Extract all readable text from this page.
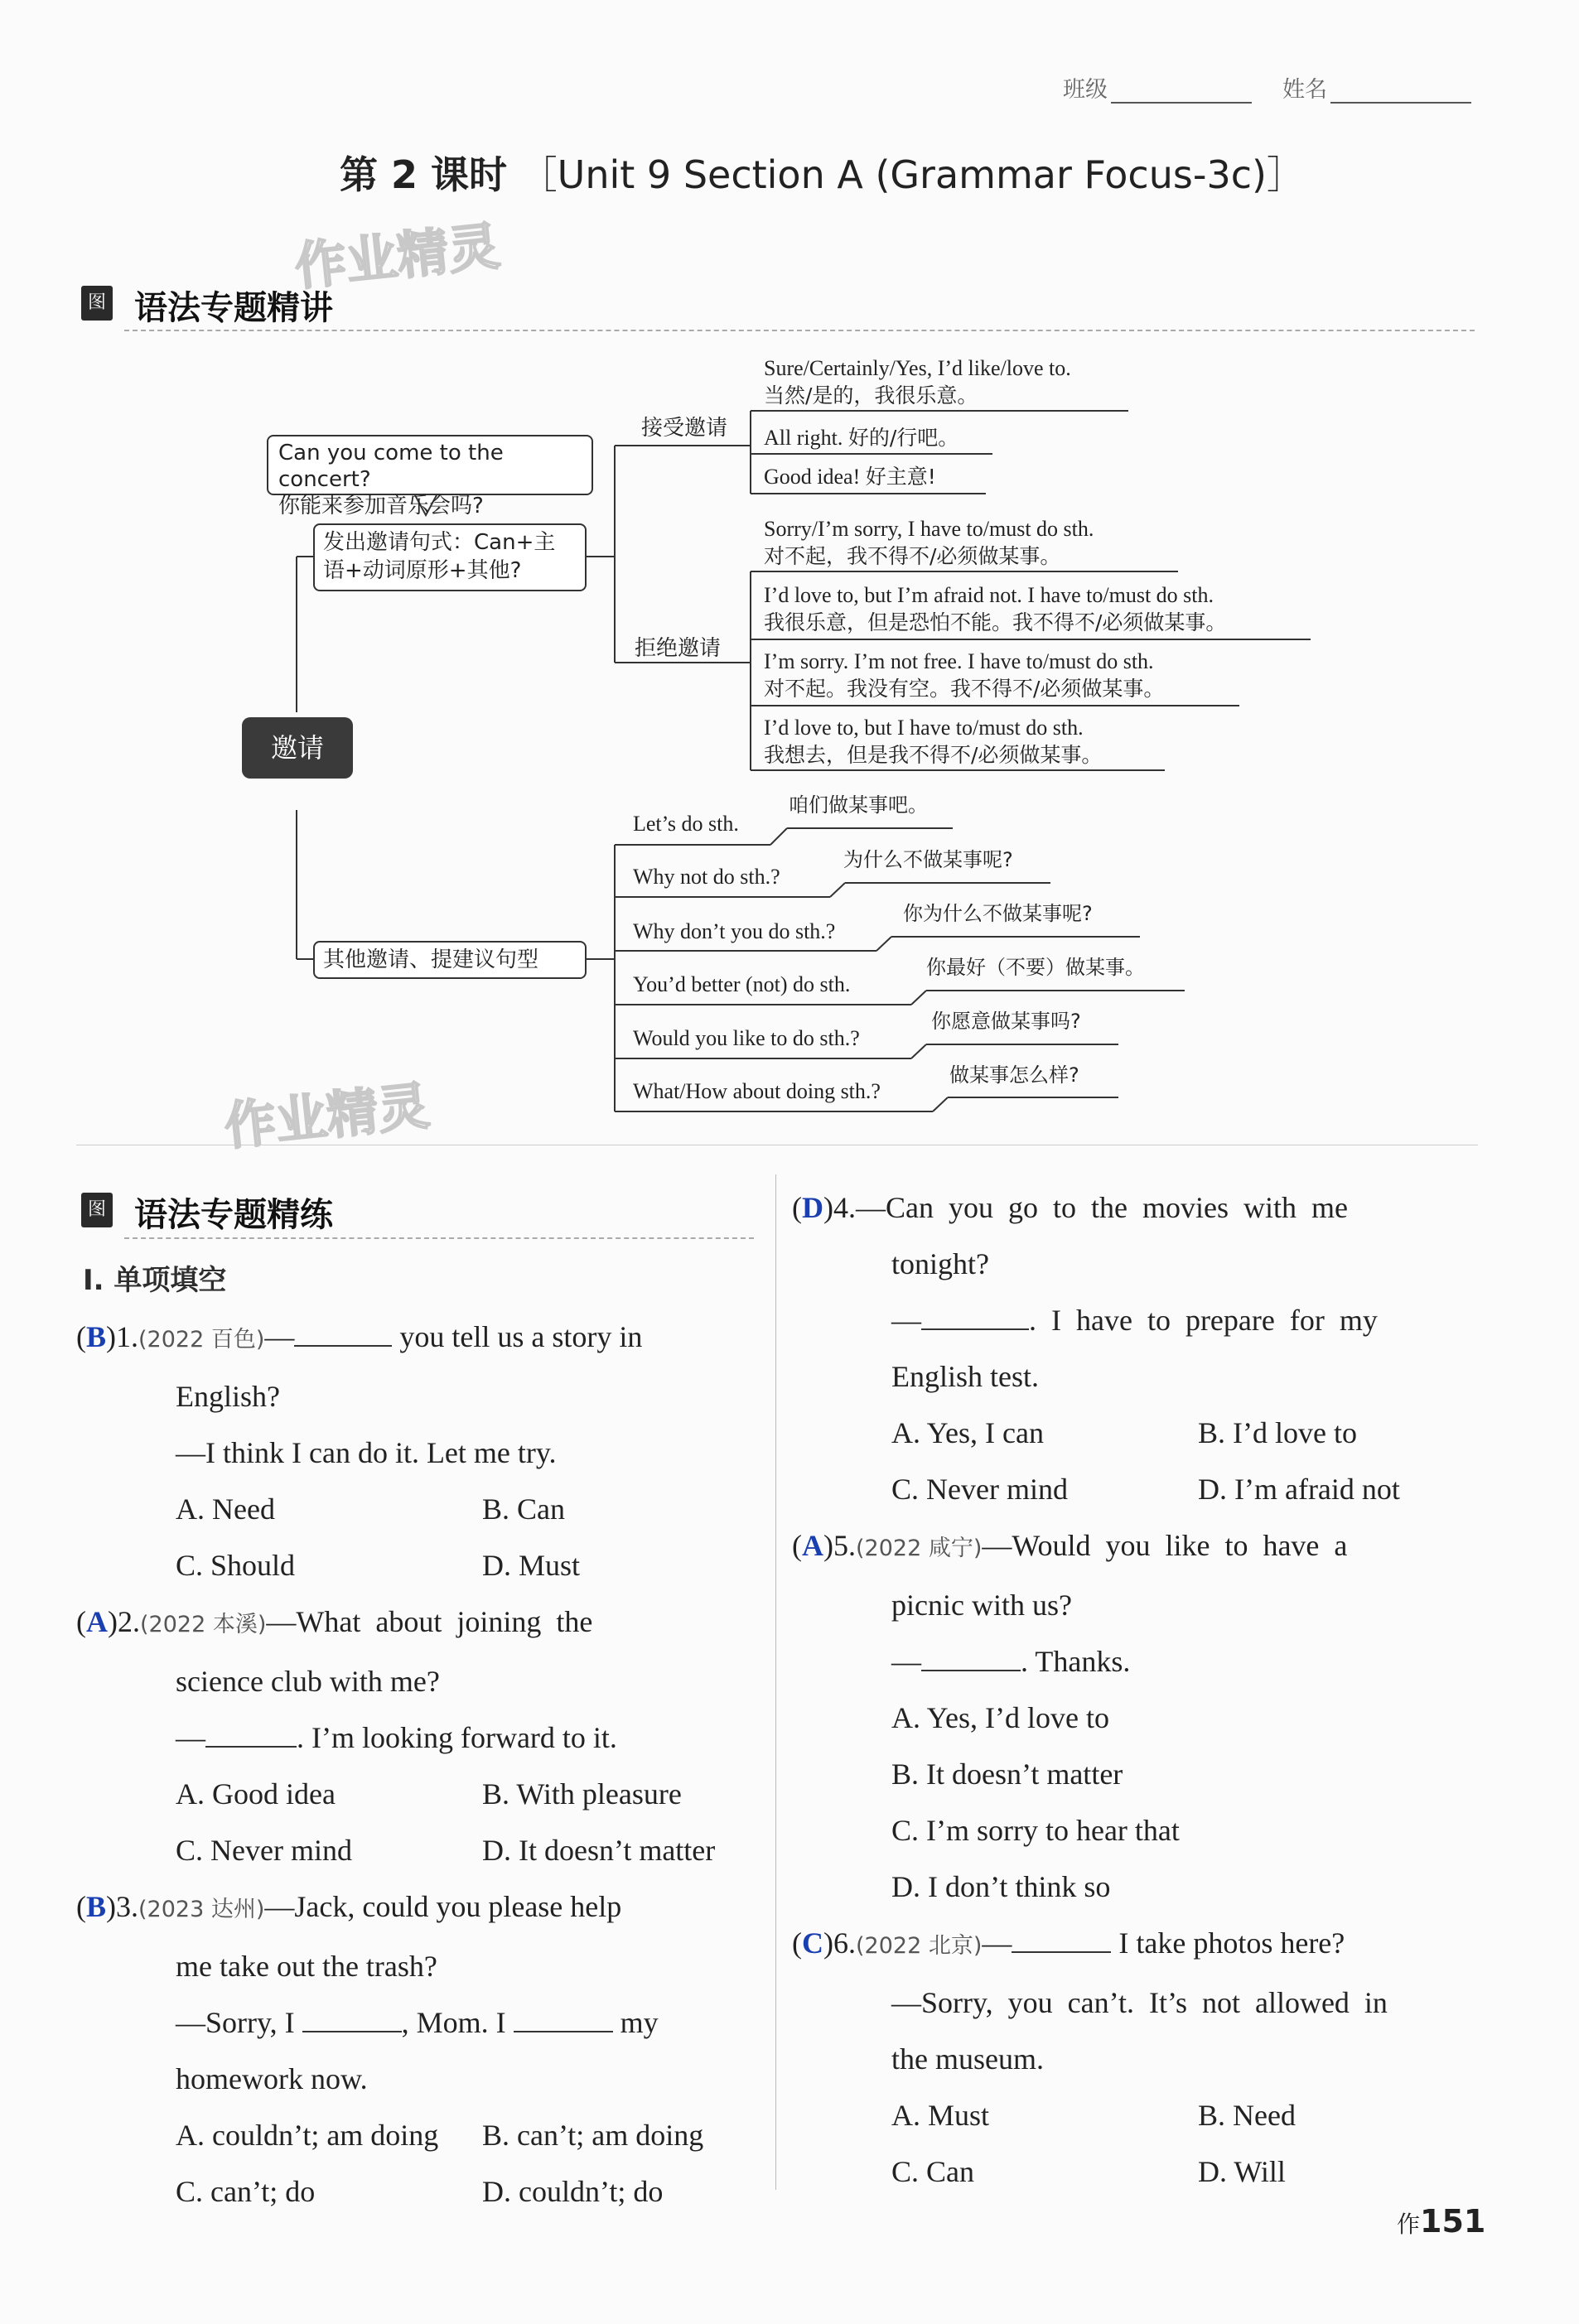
班级	姓名
第 2 课时 ［Unit 9 Section A (Grammar Focus-3c)］
作业精灵
图 语法专题精讲
邀请
Can you come to the concert?
你能来参加音乐会吗?
发出邀请句式：Can+主语+动词原形+其他?
其他邀请、提建议句型
接受邀请
Sure/Certainly/Yes, I’d like/love to.
当然/是的，我很乐意。
All right. 好的/行吧。
Good idea! 好主意!
拒绝邀请
Sorry/I’m sorry, I have to/must do sth.
对不起，我不得不/必须做某事。
I’d love to, but I’m afraid not. I have to/must do sth.
我很乐意，但是恐怕不能。我不得不/必须做某事。
I’m sorry. I’m not free. I have to/must do sth.
对不起。我没有空。我不得不/必须做某事。
I’d love to, but I have to/must do sth.
我想去，但是我不得不/必须做某事。
Let’s do sth.
咱们做某事吧。
Why not do sth.?
为什么不做某事呢?
Why don’t you do sth.?
你为什么不做某事呢?
You’d better (not) do sth.
你最好（不要）做某事。
Would you like to do sth.?
你愿意做某事吗?
What/How about doing sth.?
做某事怎么样?
作业精灵
图 语法专题精练
Ⅰ. 单项填空
(B)1.(2022 百色)—	you tell us a story in
English?
—I think I can do it. Let me try.
A. Need	B. Can
C. Should	D. Must
(A)2.(2022 本溪)—What  about  joining  the
science club with me?
—	. I’m looking forward to it.
A. Good idea	B. With pleasure
C. Never mind	D. It doesn’t matter
(B)3.(2023 达州)—Jack, could you please help
me take out the trash?
—Sorry, I	, Mom. I	my
homework now.
A. couldn’t; am doing	B. can’t; am doing
C. can’t; do	D. couldn’t; do
(D)4.—Can  you  go  to  the  movies  with  me
tonight?
—	.  I  have  to  prepare  for  my
English test.
A. Yes, I can	B. I’d love to
C. Never mind	D. I’m afraid not
(A)5.(2022 咸宁)—Would  you  like  to  have  a
picnic with us?
—	. Thanks.
A. Yes, I’d love to
B. It doesn’t matter
C. I’m sorry to hear that
D. I don’t think so
(C)6.(2022 北京)—	I take photos here?
—Sorry,  you  can’t.  It’s  not  allowed  in
the museum.
A. Must	B. Need
C. Can	D. Will
作151
